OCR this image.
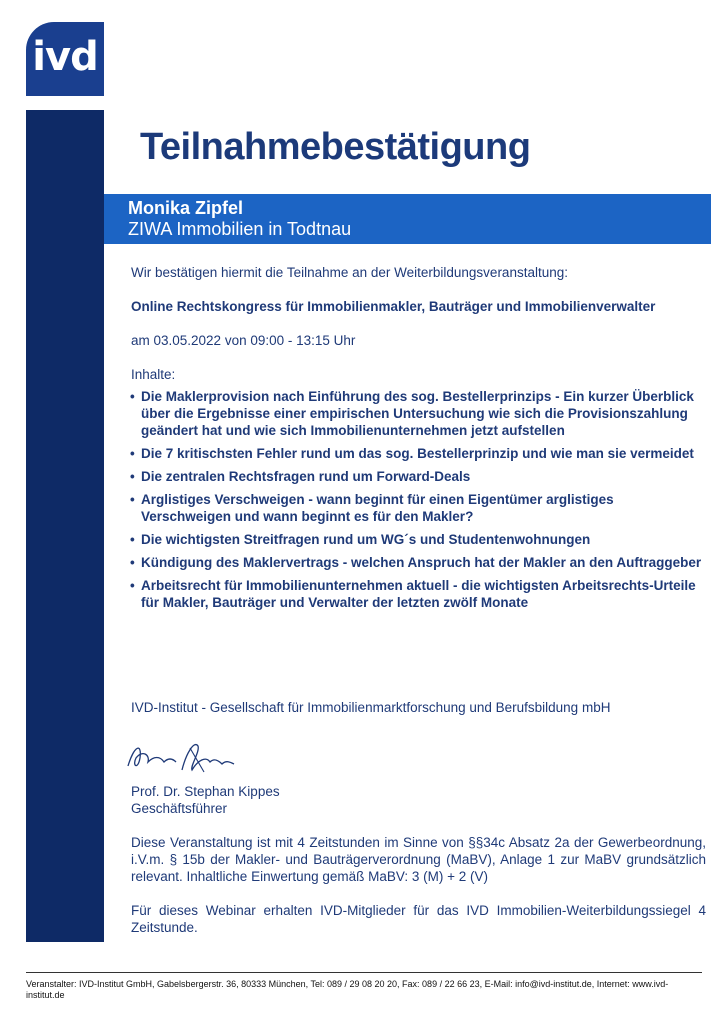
ivd
Teilnahmebestätigung
Monika Zipfel
ZIWA Immobilien in Todtnau
Wir bestätigen hiermit die Teilnahme an der Weiterbildungsveranstaltung:
Online Rechtskongress für Immobilienmakler, Bauträger und Immobilienverwalter
am 03.05.2022 von 09:00 - 13:15 Uhr
Inhalte:
• Die Maklerprovision nach Einführung des sog. Bestellerprinzips - Ein kurzer Überblick über die Ergebnisse einer empirischen Untersuchung wie sich die Provisionszahlung geändert hat und wie sich Immobilienunternehmen jetzt aufstellen
• Die 7 kritischsten Fehler rund um das sog. Bestellerprinzip und wie man sie vermeidet
• Die zentralen Rechtsfragen rund um Forward-Deals
• Arglistiges Verschweigen - wann beginnt für einen Eigentümer arglistiges Verschweigen und wann beginnt es für den Makler?
• Die wichtigsten Streitfragen rund um WG´s und Studentenwohnungen
• Kündigung des Maklervertrags - welchen Anspruch hat der Makler an den Auftraggeber
• Arbeitsrecht für Immobilienunternehmen aktuell - die wichtigsten Arbeitsrechts-Urteile für Makler, Bauträger und Verwalter der letzten zwölf Monate
IVD-Institut - Gesellschaft für Immobilienmarktforschung und Berufsbildung mbH
Prof. Dr. Stephan Kippes
Geschäftsführer
Diese Veranstaltung ist mit 4 Zeitstunden im Sinne von §§34c Absatz 2a der Gewerbeordnung, i.V.m. § 15b der Makler- und Bauträgerverordnung (MaBV), Anlage 1 zur MaBV grundsätzlich relevant. Inhaltliche Einwertung gemäß MaBV: 3 (M) + 2 (V)
Für dieses Webinar erhalten IVD-Mitglieder für das IVD Immobilien-Weiterbildungssiegel 4 Zeitstunde.
Veranstalter: IVD-Institut GmbH, Gabelsbergerstr. 36, 80333 München, Tel: 089 / 29 08 20 20, Fax: 089 / 22 66 23, E-Mail: info@ivd-institut.de, Internet: www.ivd-institut.de
